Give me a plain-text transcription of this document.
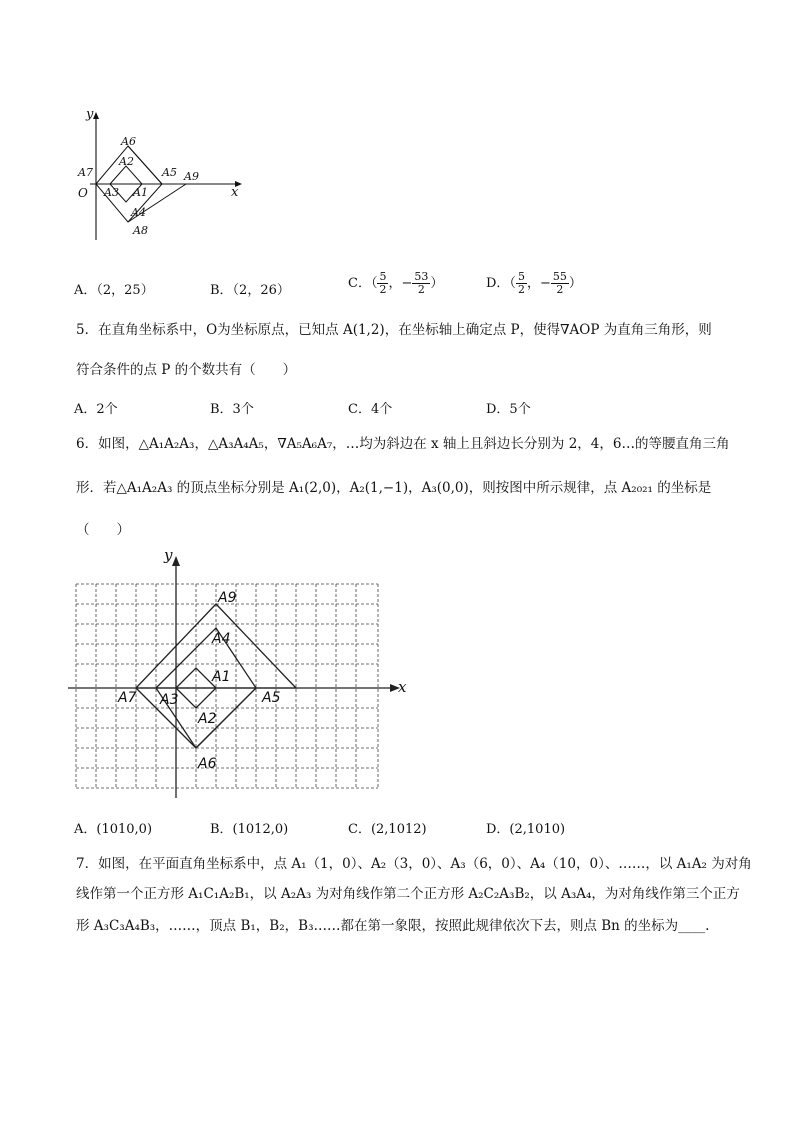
y
x
O
A6
A2
A7	A5 A9
A3 A1
A4
A8
A．（2，25）	B．（2，26）	C．（ $\frac{5}{2}$ ，− $\frac{53}{2}$ ）	D．（ $\frac{5}{2}$ ，− $\frac{55}{2}$ ）
5．在直角坐标系中，O为坐标原点，已知点 A(1,2)，在坐标轴上确定点 P，使得∇AOP 为直角三角形，则
符合条件的点 P 的个数共有（　　）
A．2个	B．3个	C．4个	D．5个
6．如图，△A₁A₂A₃，△A₃A₄A₅，∇A₅A₆A₇，…均为斜边在 x 轴上且斜边长分别为 2，4，6…的等腰直角三角
形．若△A₁A₂A₃ 的顶点坐标分别是 A₁(2,0)，A₂(1,−1)，A₃(0,0)，则按图中所示规律，点 A₂₀₂₁ 的坐标是
（　　）
y
x
A9
A4
A1
A7 A3	A5
A2
A6
A．(1010,0)	B．(1012,0)	C．(2,1012)	D．(2,1010)
7．如图，在平面直角坐标系中，点 A₁（1，0）、A₂（3，0）、A₃（6，0）、A₄（10，0）、……，以 A₁A₂ 为对角
线作第一个正方形 A₁C₁A₂B₁，以 A₂A₃ 为对角线作第二个正方形 A₂C₂A₃B₂，以 A₃A₄，为对角线作第三个正方
形 A₃C₃A₄B₃，……，顶点 B₁，B₂，B₃……都在第一象限，按照此规律依次下去，则点 Bn 的坐标为____.
